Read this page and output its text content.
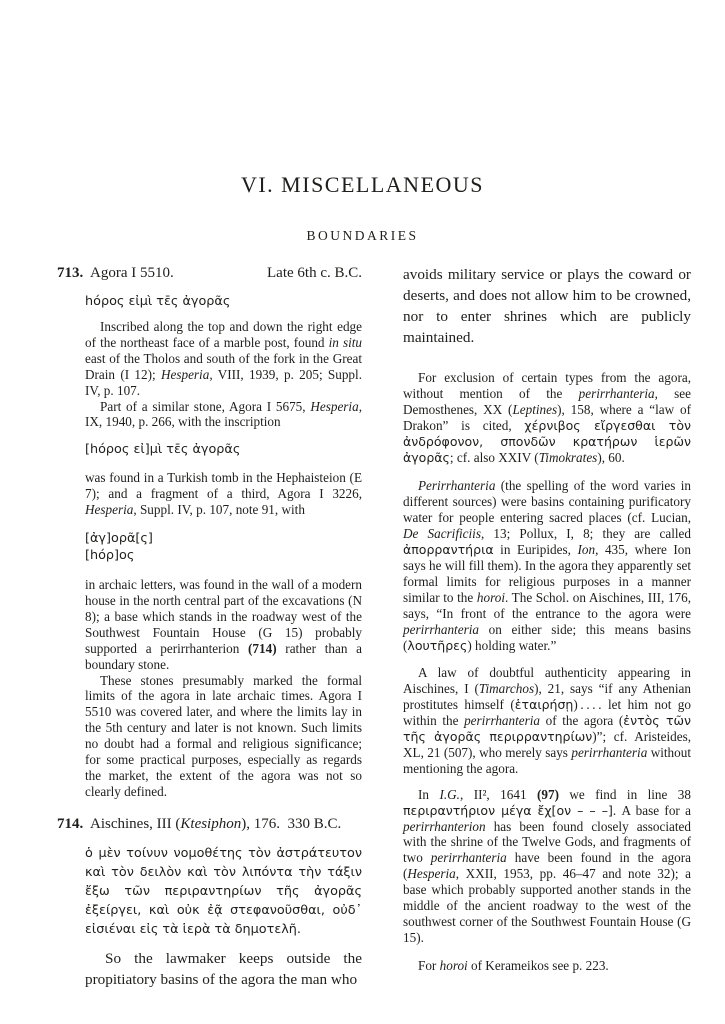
VI. MISCELLANEOUS
BOUNDARIES
713. Agora I 5510.	Late 6th c. B.C.

hόρος εἰμὶ τε̄ς ἀγορᾶς

Inscribed along the top and down the right edge of the northeast face of a marble post, found in situ east of the Tholos and south of the fork in the Great Drain (I 12); Hesperia, VIII, 1939, p. 205; Suppl. IV, p. 107.

Part of a similar stone, Agora I 5675, Hesperia, IX, 1940, p. 266, with the inscription

[hόρος εἰ]μὶ τε̄ς ἀγορᾶς

was found in a Turkish tomb in the Hephaisteion (E 7); and a fragment of a third, Agora I 3226, Hesperia, Suppl. IV, p. 107, note 91, with

[ἀγ]ορᾶ[ς]
[hόρ]ος

in archaic letters, was found in the wall of a modern house in the north central part of the excavations (N 8); a base which stands in the roadway west of the Southwest Fountain House (G 15) probably supported a perirrhanterion (714) rather than a boundary stone.

These stones presumably marked the formal limits of the agora in late archaic times. Agora I 5510 was covered later, and where the limits lay in the 5th century and later is not known. Such limits no doubt had a formal and religious significance; for some practical purposes, especially as regards the market, the extent of the agora was not so clearly defined.

714. Aischines, III (Ktesiphon), 176. 330 B.C.

ὁ μὲν τοίνυν νομοθέτης τὸν ἀστράτευτον καὶ τὸν δειλὸν καὶ τὸν λιπόντα τὴν τάξιν ἔξω τῶν περιραντηρίων τῆς ἀγορᾶς ἐξείργει, καὶ οὐκ ἐᾷ στεφανοῦσθαι, οὐδ᾽ εἰσιέναι εἰς τὰ ἱερὰ τὰ δημοτελῆ.

So the lawmaker keeps outside the propitiatory basins of the agora the man who

avoids military service or plays the coward or deserts, and does not allow him to be crowned, nor to enter shrines which are publicly maintained.

For exclusion of certain types from the agora, without mention of the perirrhanteria, see Demosthenes, XX (Leptines), 158, where a “law of Drakon” is cited, χέρνιβος εἴργεσθαι τὸν ἀνδρόφονον, σπονδῶν κρατήρων ἱερῶν ἀγορᾶς; cf. also XXIV (Timokrates), 60.

Perirrhanteria (the spelling of the word varies in different sources) were basins containing purificatory water for people entering sacred places (cf. Lucian, De Sacrificiis, 13; Pollux, I, 8; they are called ἀπορραντήρια in Euripides, Ion, 435, where Ion says he will fill them). In the agora they apparently set formal limits for religious purposes in a manner similar to the horoi. The Schol. on Aischines, III, 176, says, “In front of the entrance to the agora were perirrhanteria on either side; this means basins (λουτῆρες) holding water.”

A law of doubtful authenticity appearing in Aischines, I (Timarchos), 21, says “if any Athenian prostitutes himself (ἑταιρήσῃ) . . . . let him not go within the perirrhanteria of the agora (ἐντὸς τῶν τῆς ἀγορᾶς περιρραντηρίων)”; cf. Aristeides, XL, 21 (507), who merely says perirrhanteria without mentioning the agora.

In I.G., II², 1641 (97) we find in line 38 περιραντήριον μέγα ἔχ[ον – – –]. A base for a perirrhanterion has been found closely associated with the shrine of the Twelve Gods, and fragments of two perirrhanteria have been found in the agora (Hesperia, XXII, 1953, pp. 46–47 and note 32); a base which probably supported another stands in the middle of the ancient roadway to the west of the southwest corner of the Southwest Fountain House (G 15).

For horoi of Kerameikos see p. 223.
